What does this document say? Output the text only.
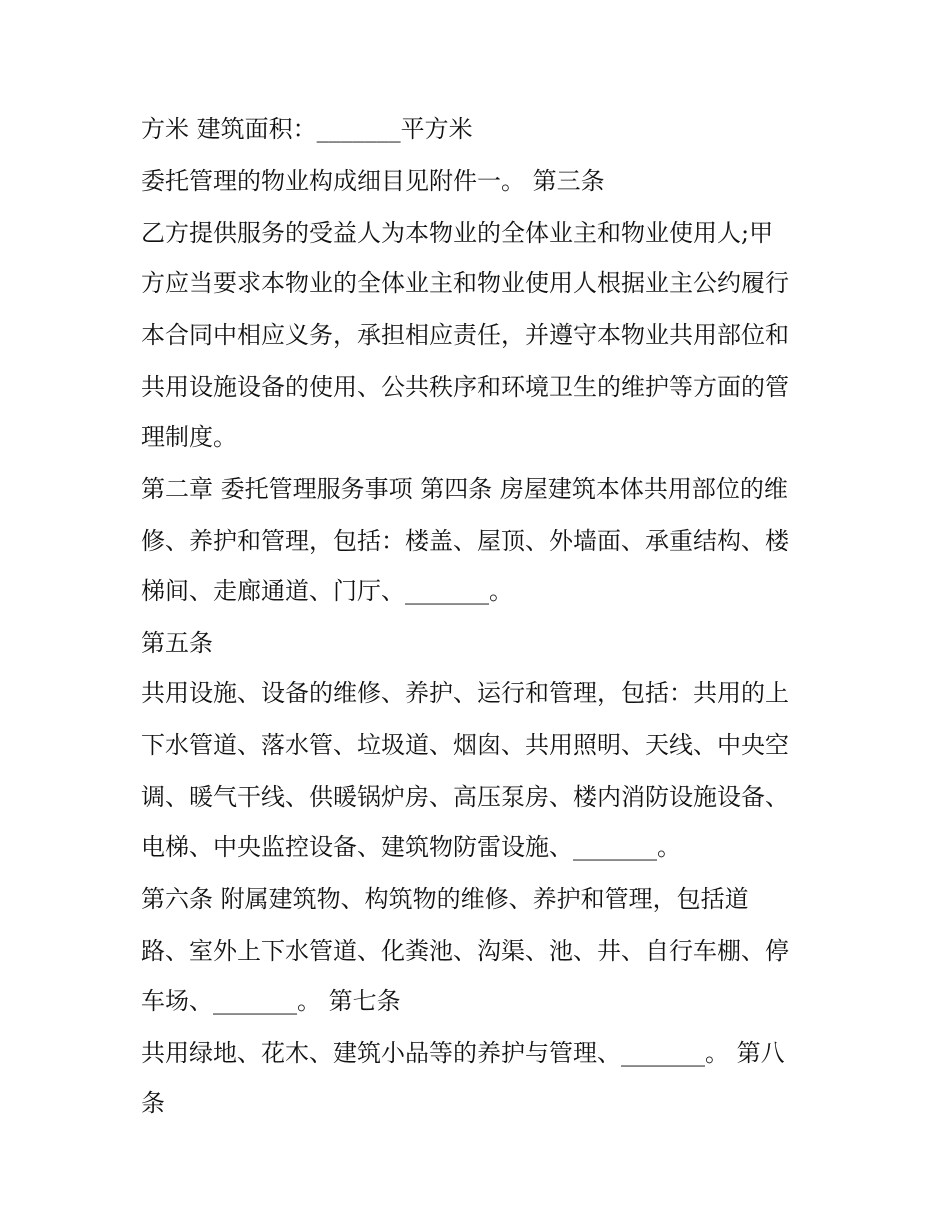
方米 建筑面积：_______平方米
委托管理的物业构成细目见附件一。 第三条
乙方提供服务的受益人为本物业的全体业主和物业使用人;甲
方应当要求本物业的全体业主和物业使用人根据业主公约履行
本合同中相应义务，承担相应责任，并遵守本物业共用部位和
共用设施设备的使用、公共秩序和环境卫生的维护等方面的管
理制度。
第二章 委托管理服务事项 第四条 房屋建筑本体共用部位的维
修、养护和管理，包括：楼盖、屋顶、外墙面、承重结构、楼
梯间、走廊通道、门厅、_______。
第五条
共用设施、设备的维修、养护、运行和管理，包括：共用的上
下水管道、落水管、垃圾道、烟囱、共用照明、天线、中央空
调、暖气干线、供暖锅炉房、高压泵房、楼内消防设施设备、
电梯、中央监控设备、建筑物防雷设施、_______。
第六条 附属建筑物、构筑物的维修、养护和管理，包括道
路、室外上下水管道、化粪池、沟渠、池、井、自行车棚、停
车场、_______。 第七条
共用绿地、花木、建筑小品等的养护与管理、_______。 第八
条
